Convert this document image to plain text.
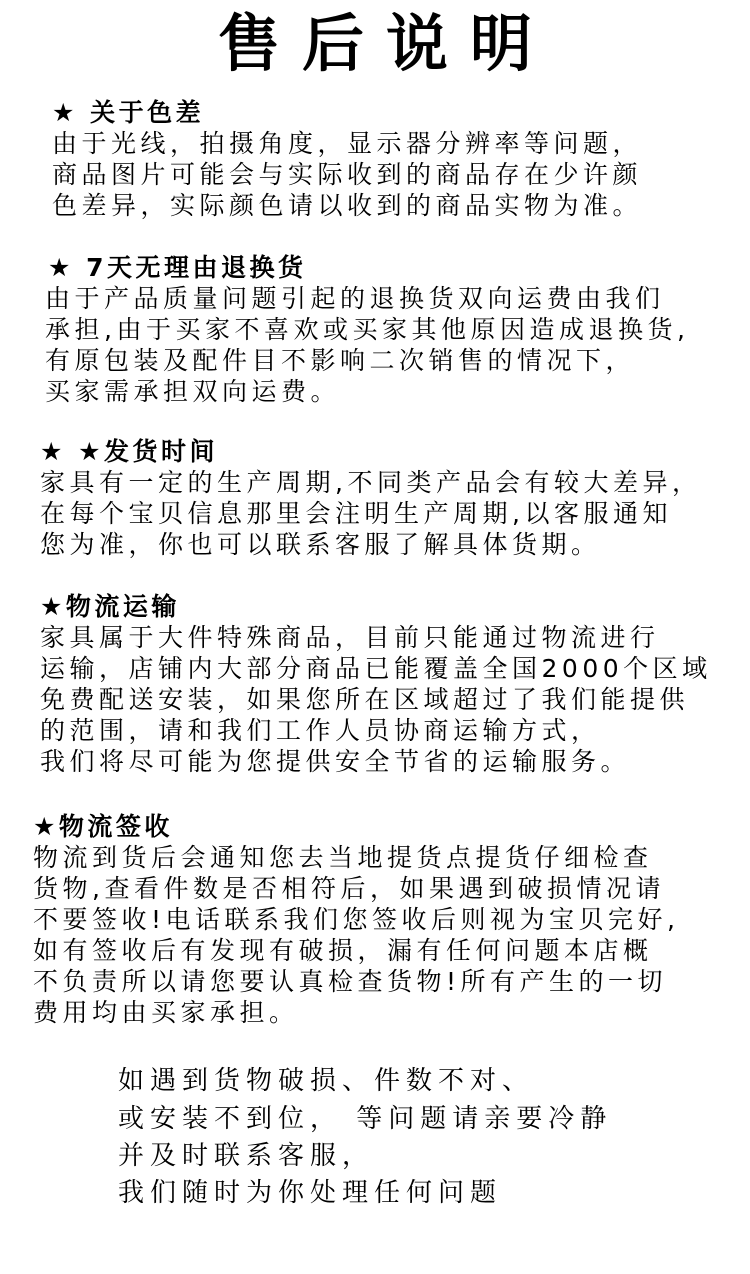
售后说明
★ 关于色差
由于光线，拍摄角度，显示器分辨率等问题，
商品图片可能会与实际收到的商品存在少许颜
色差异，实际颜色请以收到的商品实物为准。
★ 7天无理由退换货
由于产品质量问题引起的退换货双向运费由我们
承担,由于买家不喜欢或买家其他原因造成退换货,
有原包装及配件目不影响二次销售的情况下，
买家需承担双向运费。
★ ★发货时间
家具有一定的生产周期,不同类产品会有较大差异，
在每个宝贝信息那里会注明生产周期,以客服通知
您为准，你也可以联系客服了解具体货期。
★物流运输
家具属于大件特殊商品，目前只能通过物流进行
运输，店铺内大部分商品已能覆盖全国2000个区域
免费配送安装，如果您所在区域超过了我们能提供
的范围，请和我们工作人员协商运输方式，
我们将尽可能为您提供安全节省的运输服务。
★物流签收
物流到货后会通知您去当地提货点提货仔细检查
货物,查看件数是否相符后，如果遇到破损情况请
不要签收!电话联系我们您签收后则视为宝贝完好,
如有签收后有发现有破损，漏有任何问题本店概
不负责所以请您要认真检查货物!所有产生的一切
费用均由买家承担。
如遇到货物破损、件数不对、
或安装不到位， 等问题请亲要冷静
并及时联系客服，
我们随时为你处理任何问题
